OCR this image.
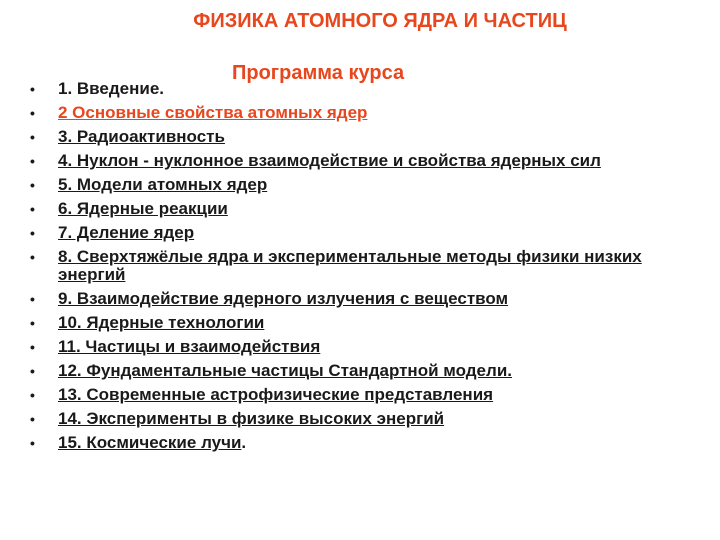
ФИЗИКА АТОМНОГО ЯДРА И ЧАСТИЦ
Программа курса
• 1. Введение.
• 2 Основные свойства атомных ядер
• 3. Радиоактивность
• 4. Нуклон - нуклонное взаимодействие и свойства ядерных сил
• 5. Модели атомных ядер
• 6. Ядерные реакции
• 7. Деление ядер
• 8. Сверхтяжёлые ядра и экспериментальные методы физики низких энергий
• 9. Взаимодействие ядерного излучения с веществом
• 10. Ядерные технологии
• 11. Частицы и взаимодействия
• 12. Фундаментальные частицы Стандартной модели.
• 13. Современные астрофизические представления
• 14. Эксперименты в физике высоких энергий
• 15. Космические лучи.
